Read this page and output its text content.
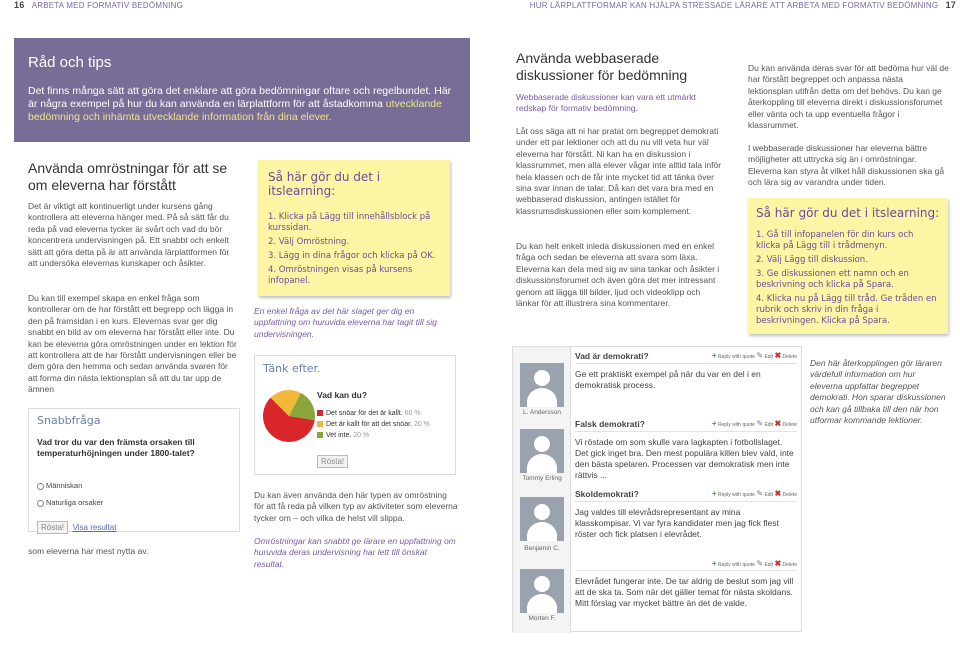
16 ARBETA MED FORMATIV BEDÖMNING	HUR LÄRPLATTFORMAR KAN HJÄLPA STRESSADE LÄRARE ATT ARBETA MED FORMATIV BEDÖMNING 17
Råd och tips

Det finns många sätt att göra det enklare att göra bedömningar oftare och regelbundet. Här är några exempel på hur du kan använda en lärplattform för att åstadkomma utvecklande bedömning och inhämta utvecklande information från dina elever.

Använda omröstningar för att se om eleverna har förstått

Det är viktigt att kontinuerligt under kursens gång kontrollera att eleverna hänger med. På så sätt får du reda på vad eleverna tycker är svårt och vad du bör koncentrera undervisningen på. Ett snabbt och enkelt sätt att göra detta på är att använda lärplattformen för att undersöka elevernas kunskaper och åsikter.

Du kan till exempel skapa en enkel fråga som kontrollerar om de har förstått ett begrepp och lägga in den på framsidan i en kurs. Elevernas svar ger dig snabbt en bild av om eleverna har förstått eller inte. Du kan be eleverna göra omröstningen under en lektion för att kontrollera att de har förstått undervisningen eller be dem göra den hemma och sedan använda svaren för att forma din nästa lektionsplan så att du tar upp de ämnen

Snabbfråga
Vad tror du var den främsta orsaken till temperaturhöjningen under 1800-talet?
Människan
Naturliga orsaker
Rösta! Visa resultat

som eleverna har mest nytta av.

Så här gör du det i itslearning:
1. Klicka på Lägg till innehållsblock på kurssidan.
2. Välj Omröstning.
3. Lägg in dina frågor och klicka på OK.
4. Omröstningen visas på kursens infopanel.

En enkel fråga av det här slaget ger dig en uppfattning om huruvida eleverna har tagit till sig undervisningen.

Tänk efter.
Vad kan du?
Det snöar för det är kallt. 60 %
Det är kallt för att det snöar. 20 %
Vet inte. 20 %
Rösta!

Du kan även använda den här typen av omröstning för att få reda på vilken typ av aktiviteter som eleverna tycker om – och vilka de helst vill slippa.

Omröstningar kan snabbt ge lärare en uppfattning om huruvida deras undervisning har lett till önskat resultat.

Använda webbaserade diskussioner för bedömning

Webbaserade diskussioner kan vara ett utmärkt redskap för formativ bedömning.

Låt oss säga att ni har pratat om begreppet demokrati under ett par lektioner och att du nu vill veta hur väl eleverna har förstått. Ni kan ha en diskussion i klassrummet, men alla elever vågar inte alltid tala inför hela klassen och de får inte mycket tid att tänka över sina svar innan de talar. Då kan det vara bra med en webbaserad diskussion, antingen istället för klassrumsdiskussionen eller som komplement.

Du kan helt enkelt inleda diskussionen med en enkel fråga och sedan be eleverna att svara som läxa. Eleverna kan dela med sig av sina tankar och åsikter i diskussionsforumet och även göra det mer intressant genom att lägga till bilder, ljud och videoklipp och länkar för att illustrera sina kommentarer.

Du kan använda deras svar för att bedöma hur väl de har förstått begreppet och anpassa nästa lektionsplan utifrån detta om det behövs. Du kan ge återkoppling till eleverna direkt i diskussionsforumet eller vänta och ta upp eventuella frågor i klassrummet.

I webbaserade diskussioner har eleverna bättre möjligheter att uttrycka sig än i omröstningar. Eleverna kan styra åt vilket håll diskussionen ska gå och lära sig av varandra under tiden.

Så här gör du det i itslearning:
1. Gå till infopanelen för din kurs och klicka på Lägg till i trådmenyn.
2. Välj Lägg till diskussion.
3. Ge diskussionen ett namn och en beskrivning och klicka på Spara.
4. Klicka nu på Lägg till tråd. Ge tråden en rubrik och skriv in din fråga i beskrivningen. Klicka på Spara.
L. Andersson
Vad är demokrati?	+ Reply with quote ✎ Edit ✖ Delete
Ge ett praktiskt exempel på när du var en del i en demokratisk process.
Tommy Erling
Falsk demokrati?	+ Reply with quote ✎ Edit ✖ Delete
Vi röstade om som skulle vara lagkapten i fotbollslaget. Det gick inget bra. Den mest populära killen blev vald, inte den bästa spelaren. Processen var demokratisk men inte rättvis ...
Benjamin C.
Skoldemokrati?	+ Reply with quote ✎ Edit ✖ Delete
Jag valdes till elevrådsrepresentant av mina klasskompisar. Vi var fyra kandidater men jag fick flest röster och fick platsen i elevrådet.
Morten F.
+ Reply with quote ✎ Edit ✖ Delete
Elevrådet fungerar inte. De tar aldrig de beslut som jag vill att de ska ta. Som när det gäller temat för nästa skoldans. Mitt förslag var mycket bättre än det de valde.

Den här återkopplingen gör läraren värdefull information om hur eleverna uppfattar begreppet demokrati. Hon sparar diskussionen och kan gå tillbaka till den när hon utformar kommande lektioner.
